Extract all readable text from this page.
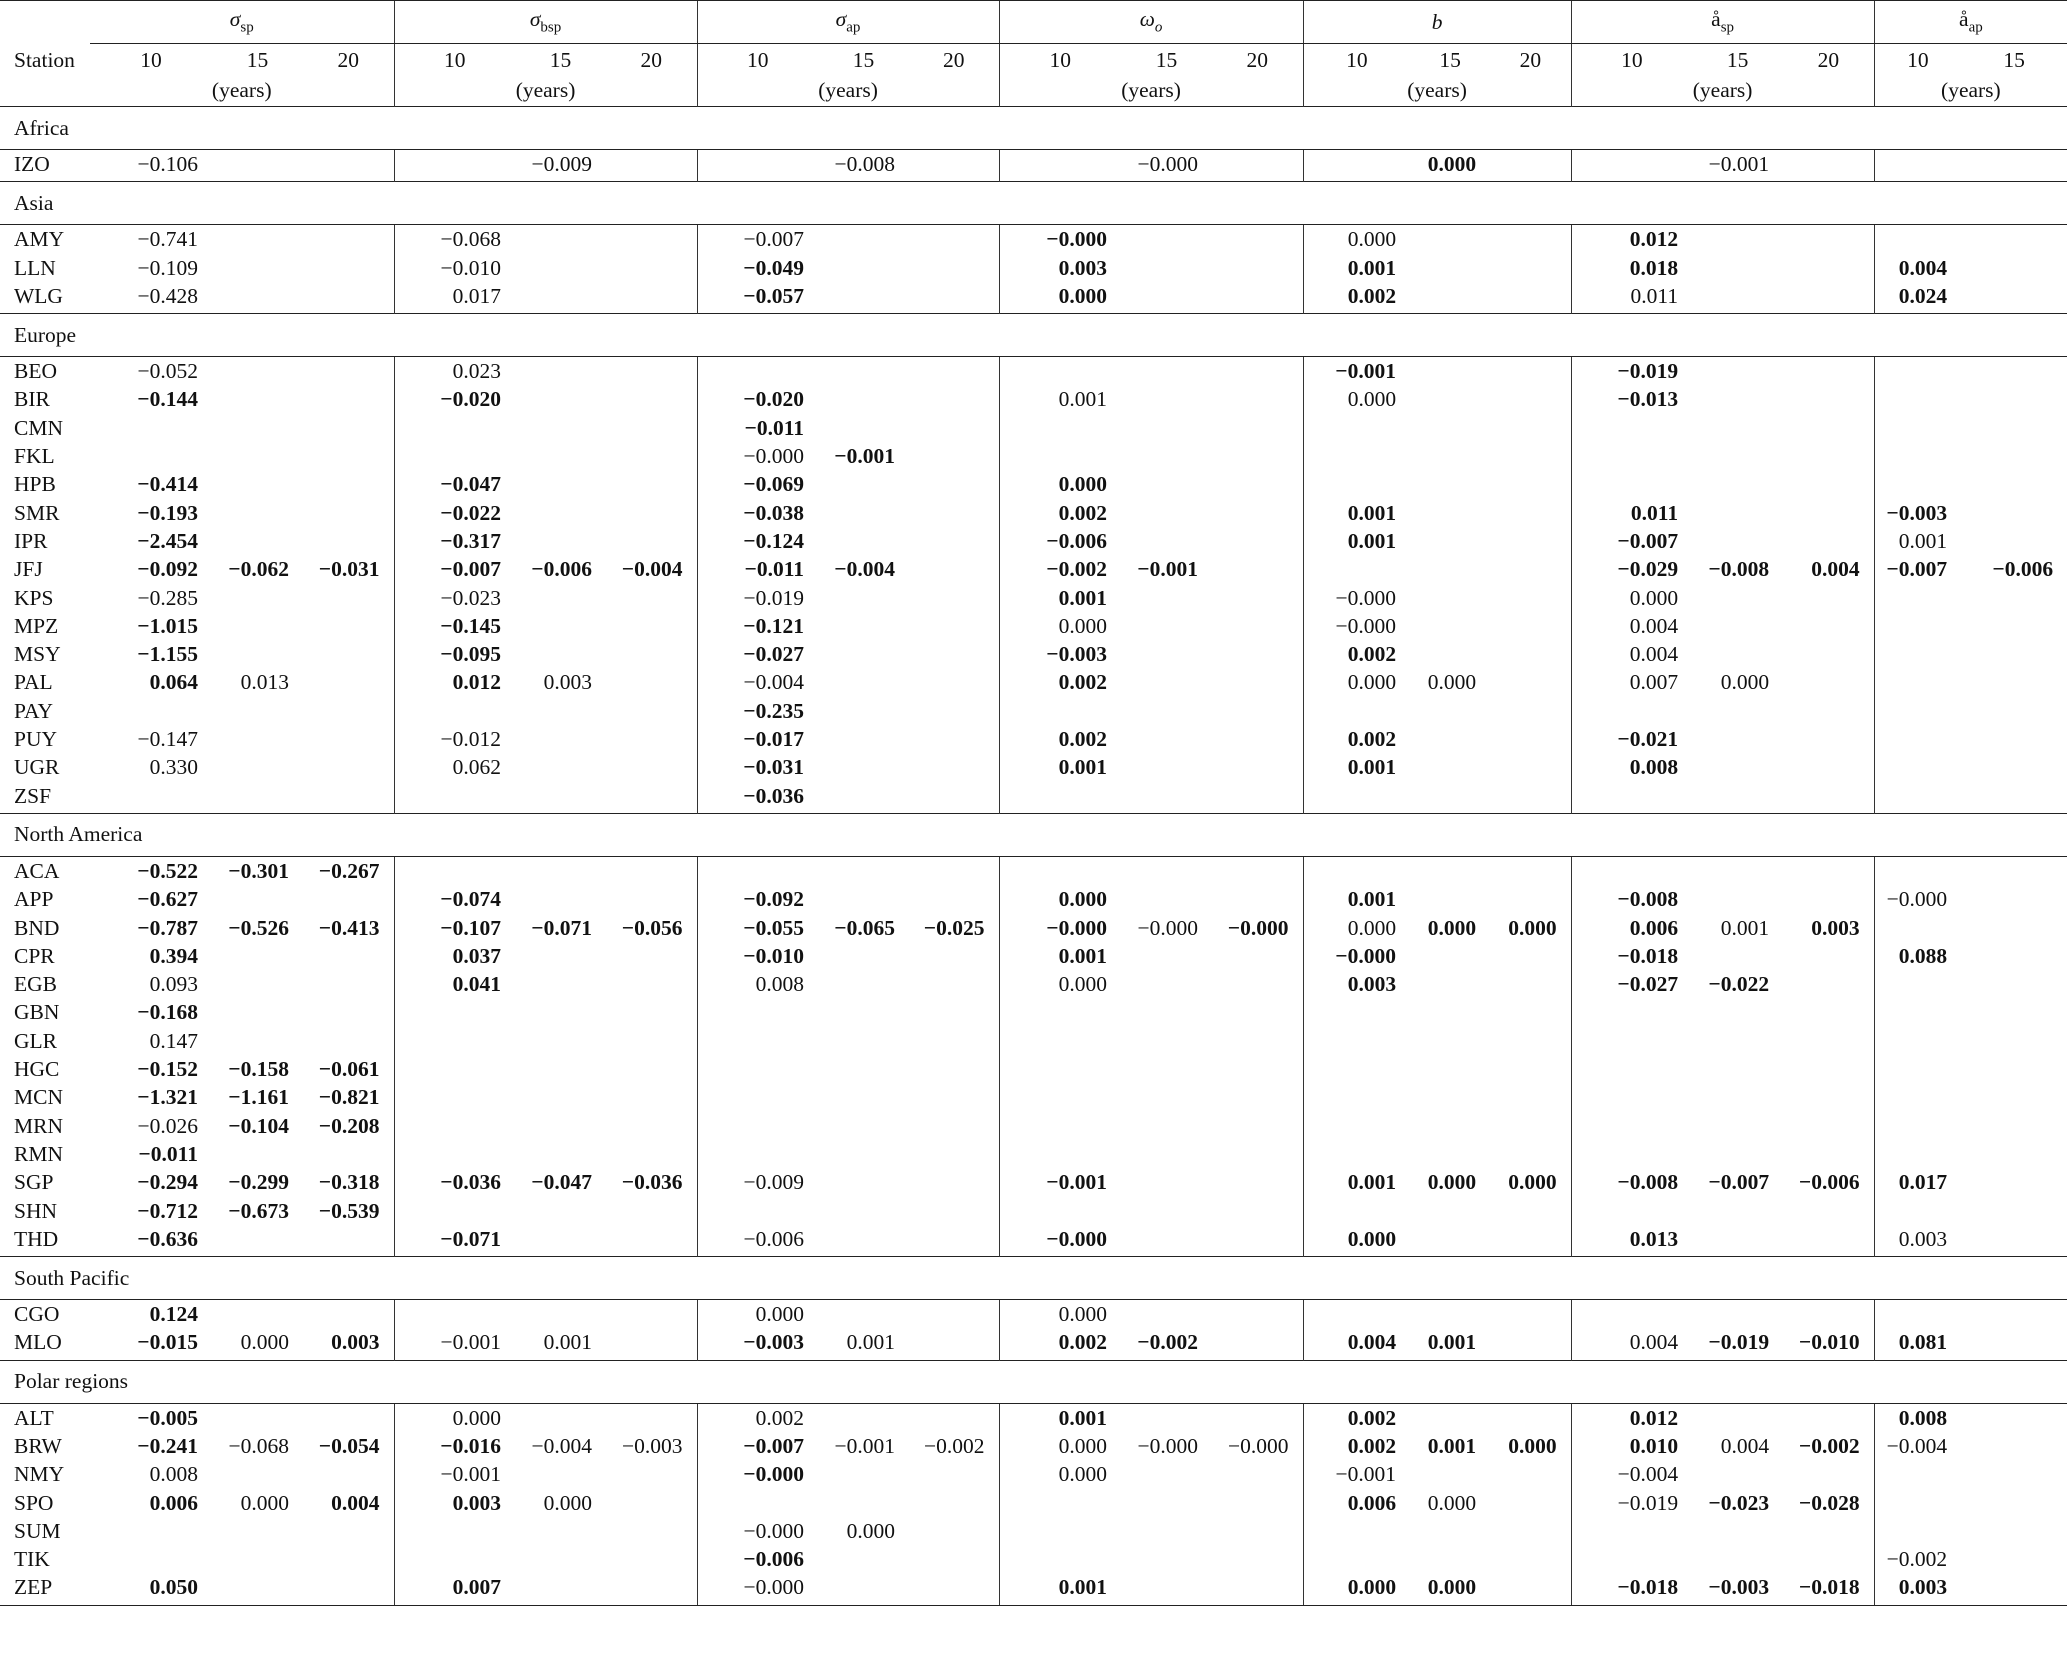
	$\sigma_{sp}$			$\sigma_{bsp}$			$\sigma_{ap}$			$\omega_o$			b			$å_{sp}$			$å_{ap}$
Station	10	15	20	10	15	20	10	15	20	10	15	20	10	15	20	10	15	20	10	15	
	(years)			(years)			(years)			(years)			(years)			(years)			(years)		
Africa																					
IZO	−0.106				−0.009			−0.008			−0.000			0.000			−0.001				
Asia																					
AMY	−0.741			−0.068			−0.007			−0.000			0.000			0.012					
LLN	−0.109			−0.010			−0.049			0.003			0.001			0.018			0.004		
WLG	−0.428			0.017			−0.057			0.000			0.002			0.011			0.024		
Europe																					
BEO	−0.052			0.023									−0.001			−0.019					
BIR	−0.144			−0.020			−0.020			0.001			0.000			−0.013					
CMN							−0.011														
FKL							−0.000	−0.001													
HPB	−0.414			−0.047			−0.069			0.000											
SMR	−0.193			−0.022			−0.038			0.002			0.001			0.011			−0.003		
IPR	−2.454			−0.317			−0.124			−0.006			0.001			−0.007			0.001		
JFJ	−0.092	−0.062	−0.031	−0.007	−0.006	−0.004	−0.011	−0.004		−0.002	−0.001					−0.029	−0.008	0.004	−0.007	−0.006	
KPS	−0.285			−0.023			−0.019			0.001			−0.000			0.000					
MPZ	−1.015			−0.145			−0.121			0.000			−0.000			0.004					
MSY	−1.155			−0.095			−0.027			−0.003			0.002			0.004					
PAL	0.064	0.013		0.012	0.003		−0.004			0.002			0.000	0.000		0.007	0.000				
PAY							−0.235														
PUY	−0.147			−0.012			−0.017			0.002			0.002			−0.021					
UGR	0.330			0.062			−0.031			0.001			0.001			0.008					
ZSF							−0.036														
North America																					
ACA	−0.522	−0.301	−0.267																		
APP	−0.627			−0.074			−0.092			0.000			0.001			−0.008			−0.000		
BND	−0.787	−0.526	−0.413	−0.107	−0.071	−0.056	−0.055	−0.065	−0.025	−0.000	−0.000	−0.000	0.000	0.000	0.000	0.006	0.001	0.003			
CPR	0.394			0.037			−0.010			0.001			−0.000			−0.018			0.088		
EGB	0.093			0.041			0.008			0.000			0.003			−0.027	−0.022				
GBN	−0.168																				
GLR	0.147																				
HGC	−0.152	−0.158	−0.061																		
MCN	−1.321	−1.161	−0.821																		
MRN	−0.026	−0.104	−0.208																		
RMN	−0.011																				
SGP	−0.294	−0.299	−0.318	−0.036	−0.047	−0.036	−0.009			−0.001			0.001	0.000	0.000	−0.008	−0.007	−0.006	0.017		
SHN	−0.712	−0.673	−0.539																		
THD	−0.636			−0.071			−0.006			−0.000			0.000			0.013			0.003		
South Pacific																					
CGO	0.124						0.000			0.000											
MLO	−0.015	0.000	0.003	−0.001	0.001		−0.003	0.001		0.002	−0.002		0.004	0.001		0.004	−0.019	−0.010	0.081		
Polar regions																					
ALT	−0.005			0.000			0.002			0.001			0.002			0.012			0.008		
BRW	−0.241	−0.068	−0.054	−0.016	−0.004	−0.003	−0.007	−0.001	−0.002	0.000	−0.000	−0.000	0.002	0.001	0.000	0.010	0.004	−0.002	−0.004		
NMY	0.008			−0.001			−0.000			0.000			−0.001			−0.004					
SPO	0.006	0.000	0.004	0.003	0.000								0.006	0.000		−0.019	−0.023	−0.028			
SUM							−0.000	0.000													
TIK							−0.006												−0.002		
ZEP	0.050			0.007			−0.000			0.001			0.000	0.000		−0.018	−0.003	−0.018	0.003		
